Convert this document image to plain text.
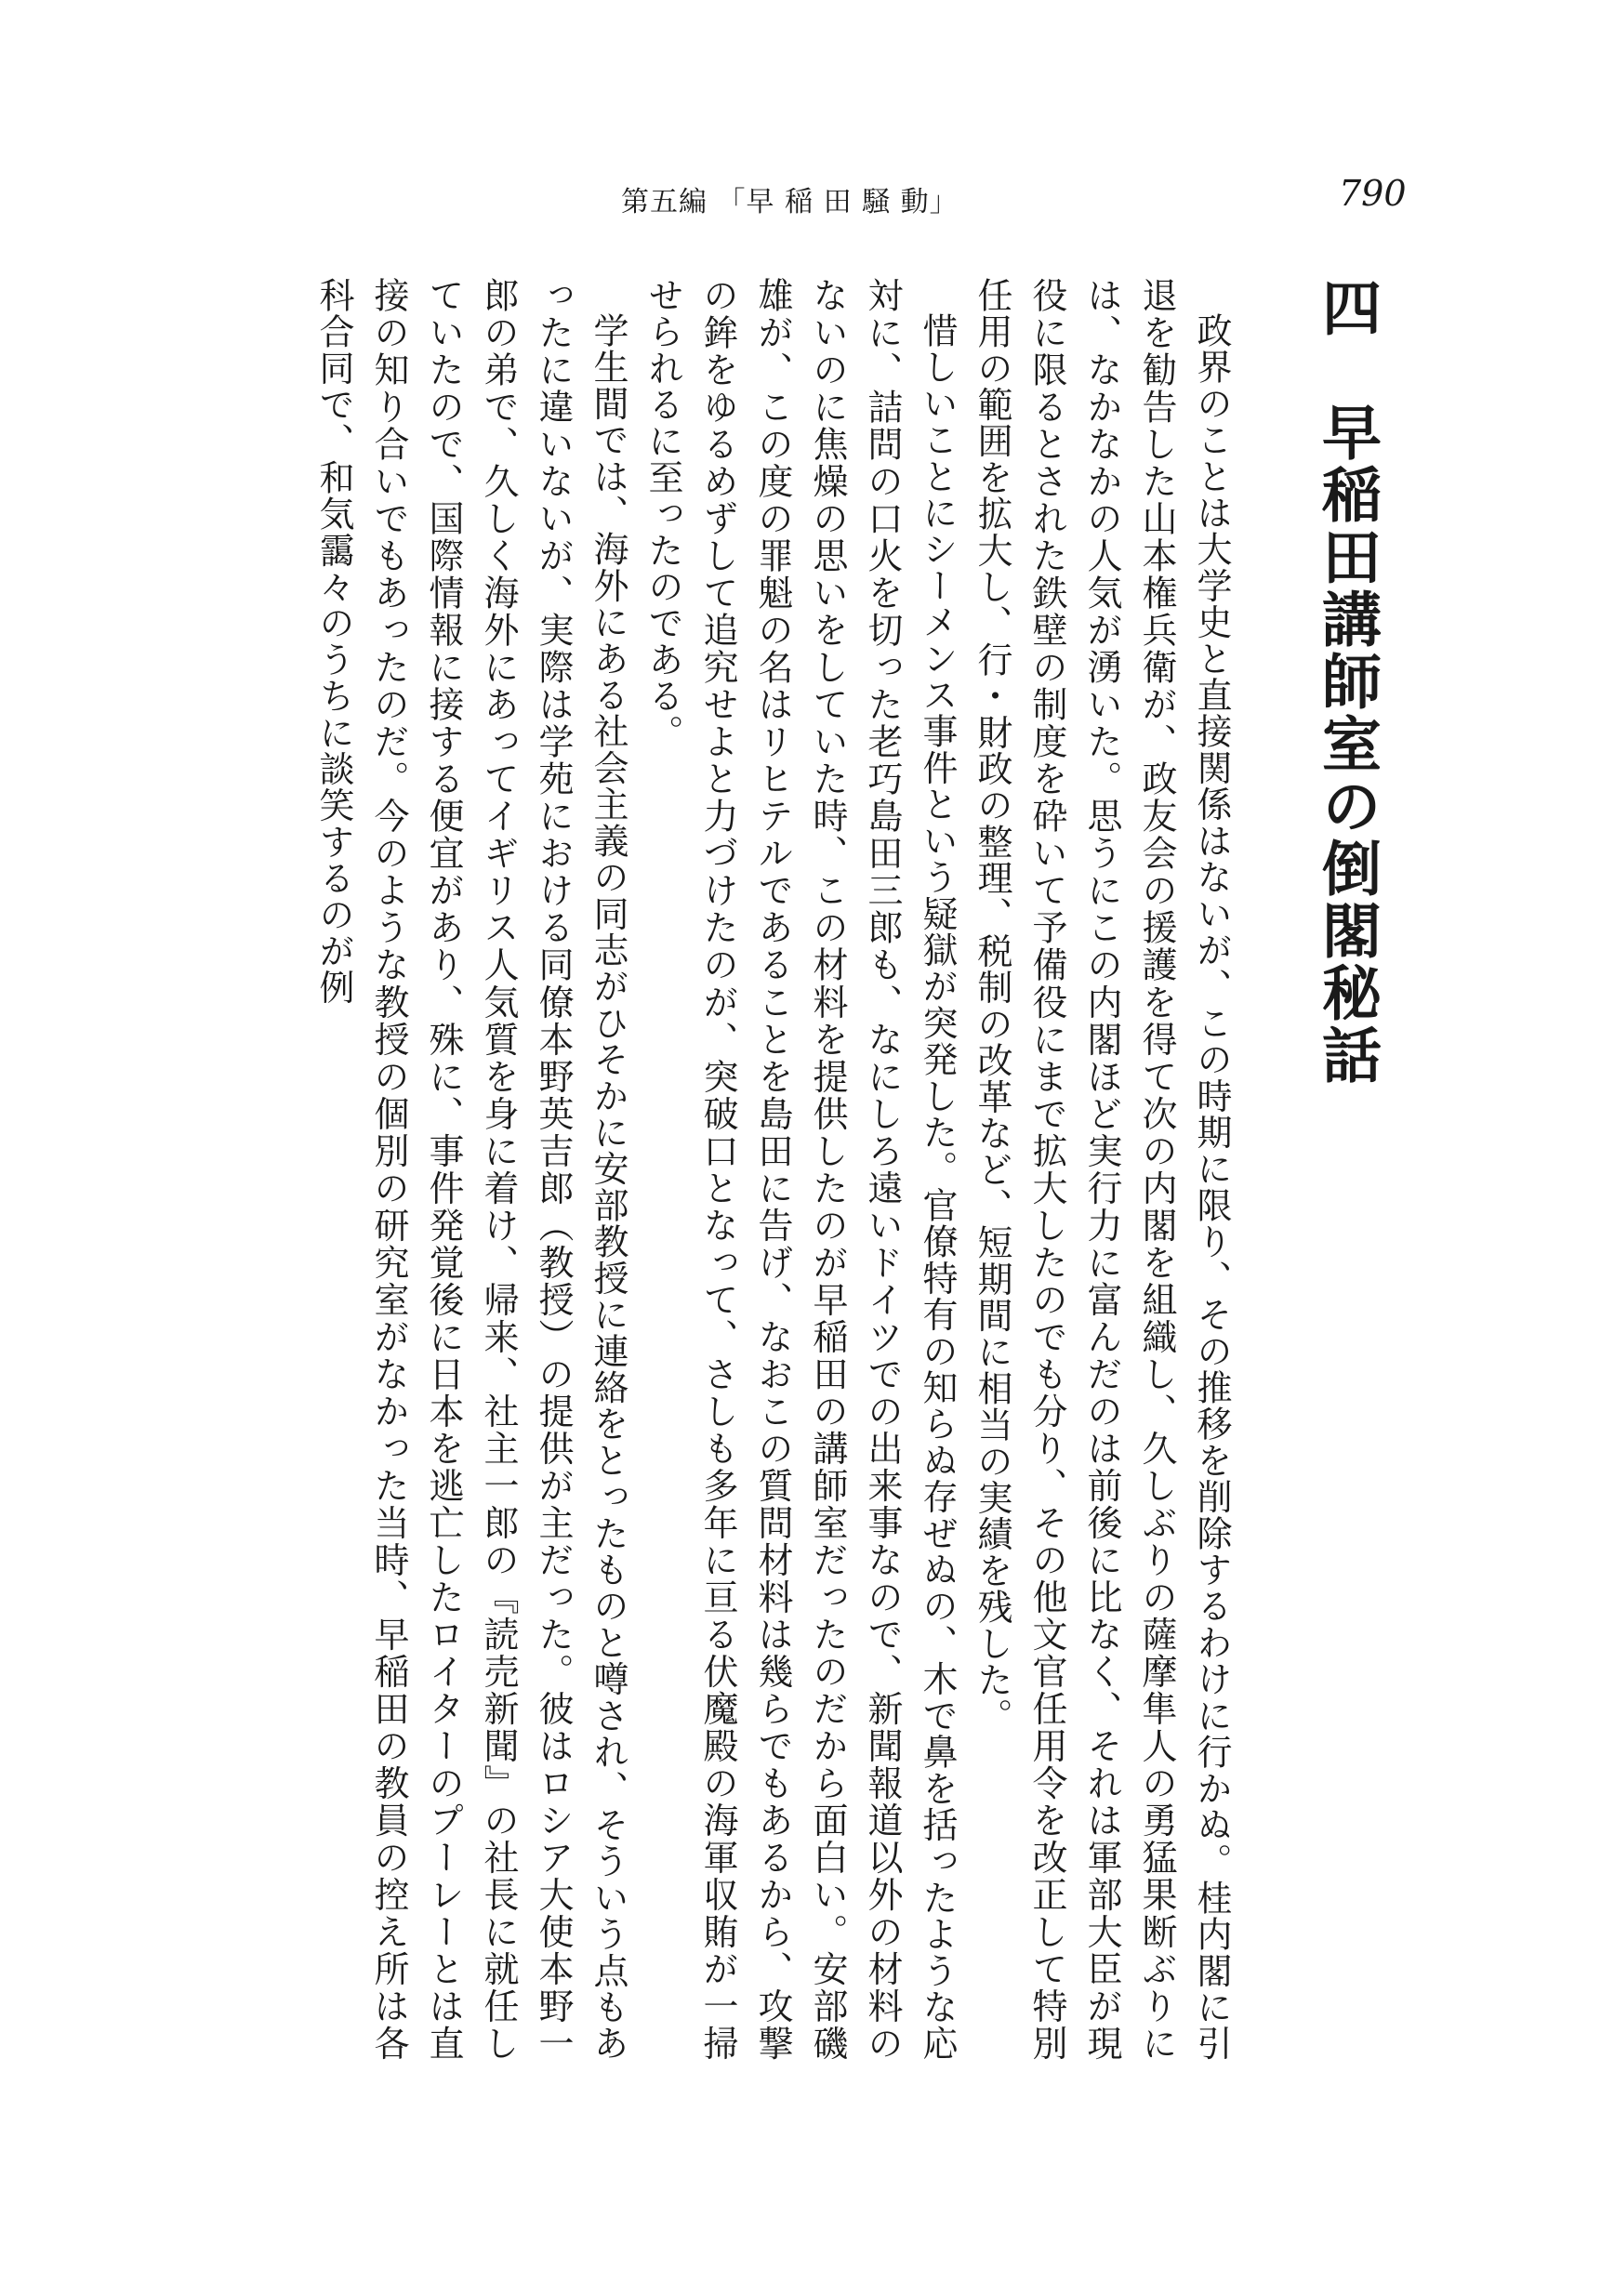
第五編 「早 稲 田 騒 動」	790
四　早稲田講師室の倒閣秘話

政界のことは大学史と直接関係はないが、この時期に限り、その推移を削除するわけに行かぬ。桂内閣に引退を勧告した山本権兵衛が、政友会の援護を得て次の内閣を組織し、久しぶりの薩摩隼人の勇猛果断ぶりには、なかなかの人気が湧いた。思うにこの内閣ほど実行力に富んだのは前後に比なく、それは軍部大臣が現役に限るとされた鉄壁の制度を砕いて予備役にまで拡大したのでも分り、その他文官任用令を改正して特別任用の範囲を拡大し、行・財政の整理、税制の改革など、短期間に相当の実績を残した。

惜しいことにシーメンス事件という疑獄が突発した。官僚特有の知らぬ存ぜぬの、木で鼻を括ったような応対に、詰問の口火を切った老巧島田三郎も、なにしろ遠いドイツでの出来事なので、新聞報道以外の材料のないのに焦燥の思いをしていた時、この材料を提供したのが早稲田の講師室だったのだから面白い。安部磯雄が、この度の罪魁の名はリヒテルであることを島田に告げ、なおこの質問材料は幾らでもあるから、攻撃の鉾をゆるめずして追究せよと力づけたのが、突破口となって、さしも多年に亘る伏魔殿の海軍収賄が一掃せられるに至ったのである。

学生間では、海外にある社会主義の同志がひそかに安部教授に連絡をとったものと噂され、そういう点もあったに違いないが、実際は学苑における同僚本野英吉郎（教授）の提供が主だった。彼はロシア大使本野一郎の弟で、久しく海外にあってイギリス人気質を身に着け、帰来、社主一郎の『読売新聞』の社長に就任していたので、国際情報に接する便宜があり、殊に、事件発覚後に日本を逃亡したロイターのプーレーとは直接の知り合いでもあったのだ。今のような教授の個別の研究室がなかった当時、早稲田の教員の控え所は各科合同で、和気靄々のうちに談笑するのが例
